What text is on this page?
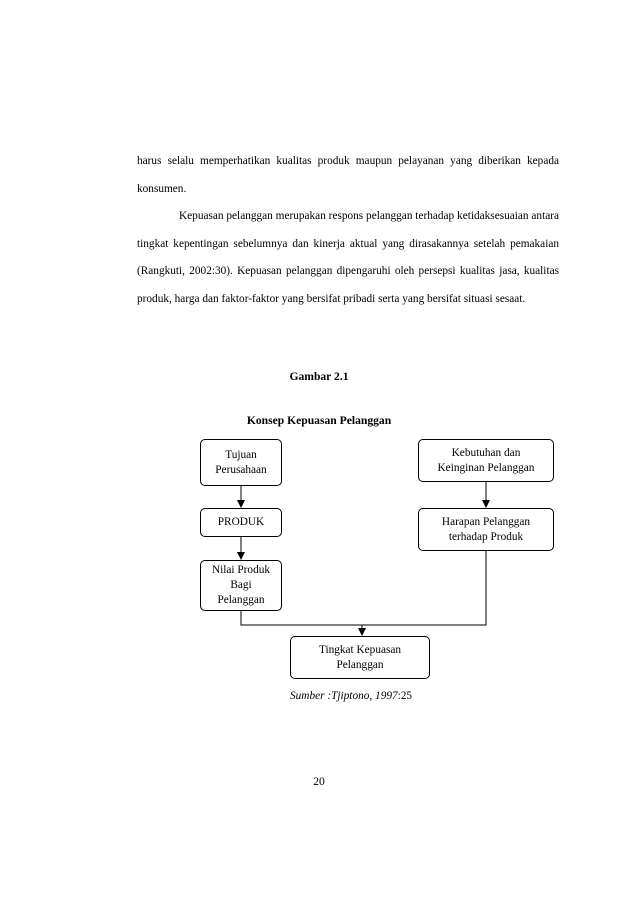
harus selalu memperhatikan kualitas produk maupun pelayanan yang diberikan kepada konsumen.

Kepuasan pelanggan merupakan respons pelanggan terhadap ketidaksesuaian antara tingkat kepentingan sebelumnya dan kinerja aktual yang dirasakannya setelah pemakaian (Rangkuti, 2002:30). Kepuasan pelanggan dipengaruhi oleh persepsi kualitas jasa, kualitas produk, harga dan faktor-faktor yang bersifat pribadi serta yang bersifat situasi sesaat.

Gambar 2.1
Konsep Kepuasan Pelanggan
Tujuan
Perusahaan
PRODUK
Nilai Produk
Bagi
Pelanggan
Kebutuhan dan
Keinginan Pelanggan
Harapan Pelanggan
terhadap Produk
Tingkat Kepuasan
Pelanggan
Sumber :Tjiptono, 1997:25
20
